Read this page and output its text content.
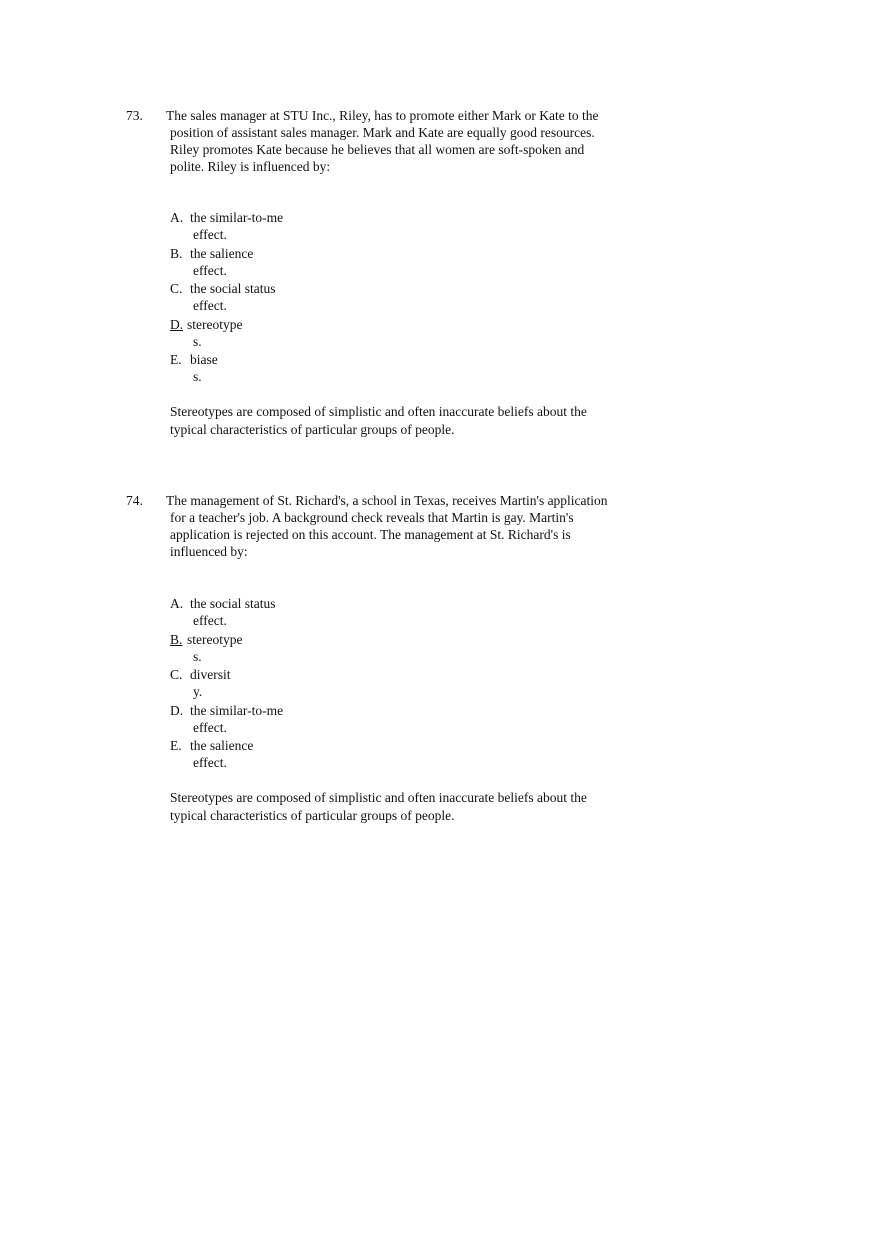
73. The sales manager at STU Inc., Riley, has to promote either Mark or Kate to the
position of assistant sales manager. Mark and Kate are equally good resources.
Riley promotes Kate because he believes that all women are soft-spoken and
polite. Riley is influenced by:
A. the similar-to-me
effect.
B. the salience
effect.
C. the social status
effect.
D. stereotype
s.
E. biase
s.
Stereotypes are composed of simplistic and often inaccurate beliefs about the
typical characteristics of particular groups of people.
74. The management of St. Richard's, a school in Texas, receives Martin's application
for a teacher's job. A background check reveals that Martin is gay. Martin's
application is rejected on this account. The management at St. Richard's is
influenced by:
A. the social status
effect.
B. stereotype
s.
C. diversit
y.
D. the similar-to-me
effect.
E. the salience
effect.
Stereotypes are composed of simplistic and often inaccurate beliefs about the
typical characteristics of particular groups of people.
